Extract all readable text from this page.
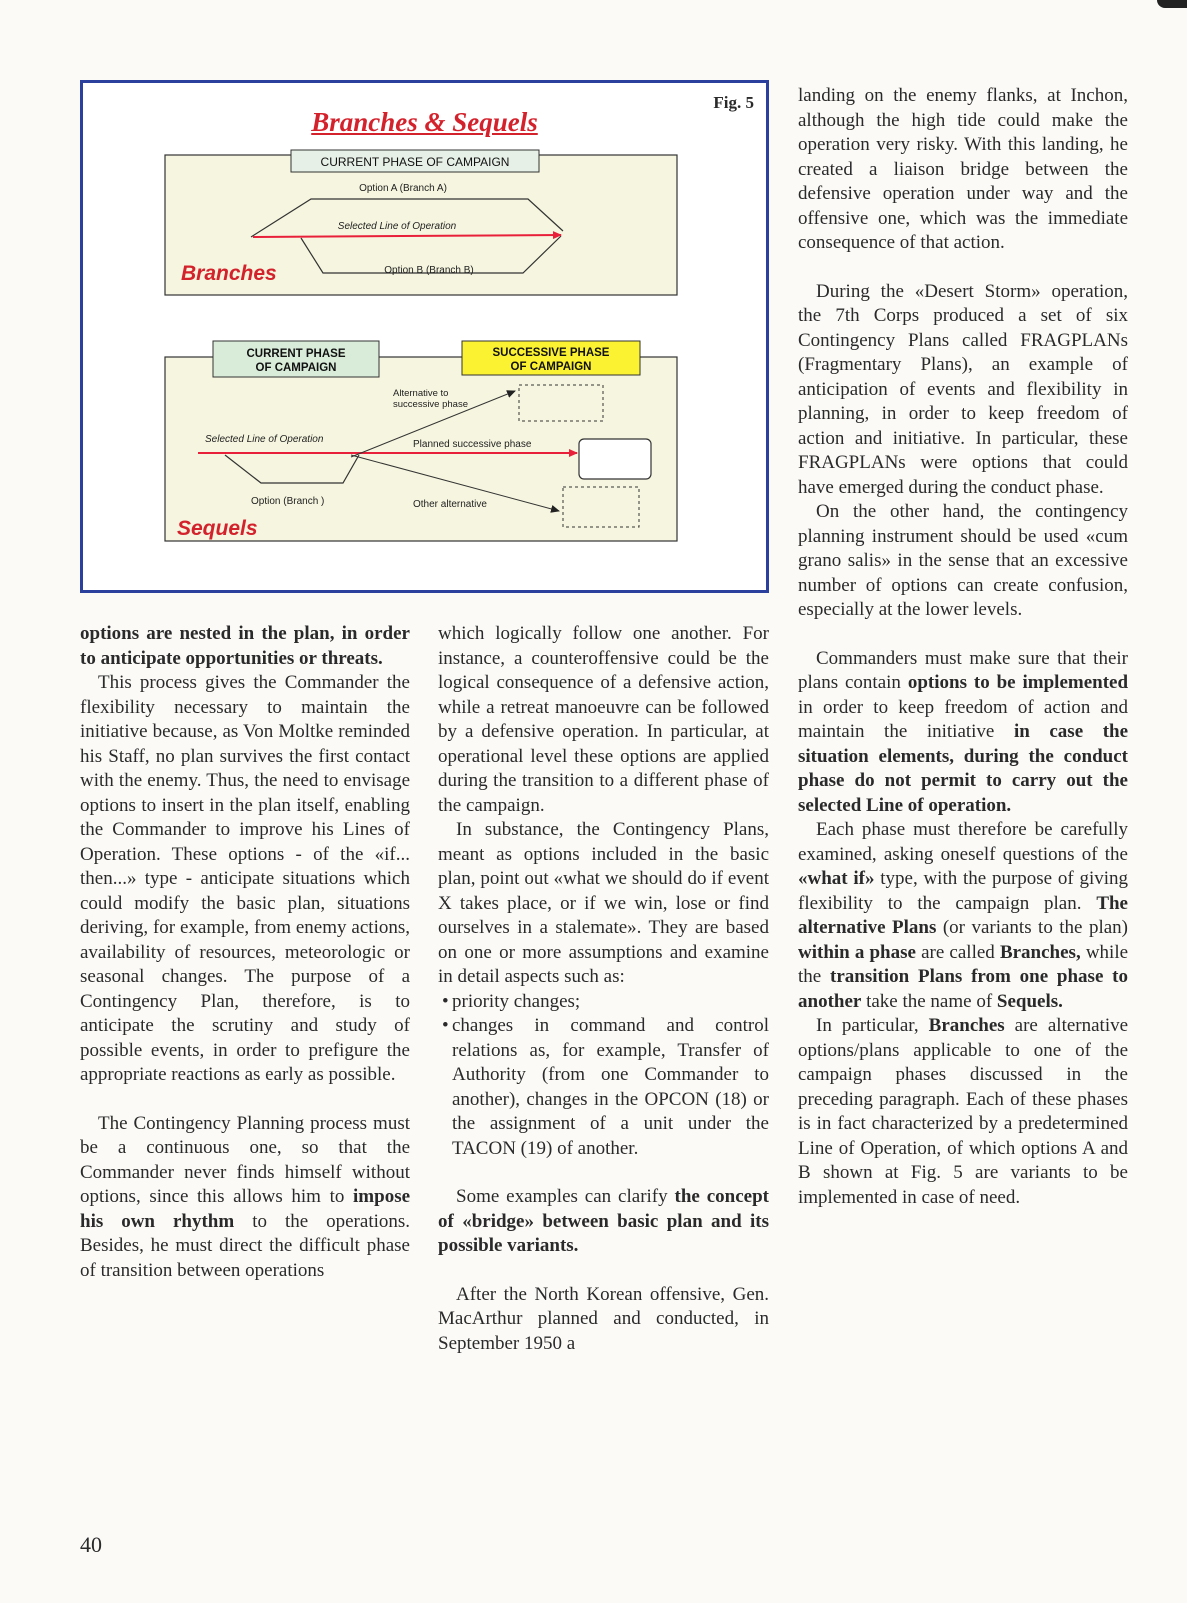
CURRENT PHASE OF CAMPAIGN
Option A (Branch A)
Selected Line of Operation
Option B (Branch B)
Branches
CURRENT PHASE
OF CAMPAIGN
SUCCESSIVE PHASE
OF CAMPAIGN
Alternative to
successive phase
Selected Line of Operation	Planned successive phase
Option (Branch )	Other alternative
Sequels
Fig. 5
Branches & Sequels

options are nested in the plan, in order to anticipate opportunities or threats.

This process gives the Commander the flexibility necessary to maintain the initiative because, as Von Moltke reminded his Staff, no plan survives the first contact with the enemy. Thus, the need to envisage options to insert in the plan itself, enabling the Commander to improve his Lines of Operation. These options - of the «if... then...» type - anticipate situations which could modify the basic plan, situations deriving, for example, from enemy actions, availability of resources, meteorologic or seasonal changes. The purpose of a Contingency Plan, therefore, is to anticipate the scrutiny and study of possible events, in order to prefigure the appropriate reactions as early as possible.

The Contingency Planning process must be a continuous one, so that the Commander never finds himself without options, since this allows him to impose his own rhythm to the operations. Besides, he must direct the difficult phase of transition between operations

which logically follow one another. For instance, a counteroffensive could be the logical consequence of a defensive action, while a retreat manoeuvre can be followed by a defensive operation. In particular, at operational level these options are applied during the transition to a different phase of the campaign.

In substance, the Contingency Plans, meant as options included in the basic plan, point out «what we should do if event X takes place, or if we win, lose or find ourselves in a stalemate». They are based on one or more assumptions and examine in detail aspects such as:

• priority changes;
• changes in command and control relations as, for example, Transfer of Authority (from one Commander to another), changes in the OPCON (18) or the assignment of a unit under the TACON (19) of another.

Some examples can clarify the concept of «bridge» between basic plan and its possible variants.

After the North Korean offensive, Gen. MacArthur planned and conducted, in September 1950 a

landing on the enemy flanks, at Inchon, although the high tide could make the operation very risky. With this landing, he created a liaison bridge between the defensive operation under way and the offensive one, which was the immediate consequence of that action.

During the «Desert Storm» operation, the 7th Corps produced a set of six Contingency Plans called FRAGPLANs (Fragmentary Plans), an example of anticipation of events and flexibility in planning, in order to keep freedom of action and initiative. In particular, these FRAGPLANs were options that could have emerged during the conduct phase.

On the other hand, the contingency planning instrument should be used «cum grano salis» in the sense that an excessive number of options can create confusion, especially at the lower levels.

Commanders must make sure that their plans contain options to be implemented in order to keep freedom of action and maintain the initiative in case the situation elements, during the conduct phase do not permit to carry out the selected Line of operation.

Each phase must therefore be carefully examined, asking oneself questions of the «what if» type, with the purpose of giving flexibility to the campaign plan. The alternative Plans (or variants to the plan) within a phase are called Branches, while the transition Plans from one phase to another take the name of Sequels.

In particular, Branches are alternative options/plans applicable to one of the campaign phases discussed in the preceding paragraph. Each of these phases is in fact characterized by a predetermined Line of Operation, of which options A and B shown at Fig. 5 are variants to be implemented in case of need.

40
